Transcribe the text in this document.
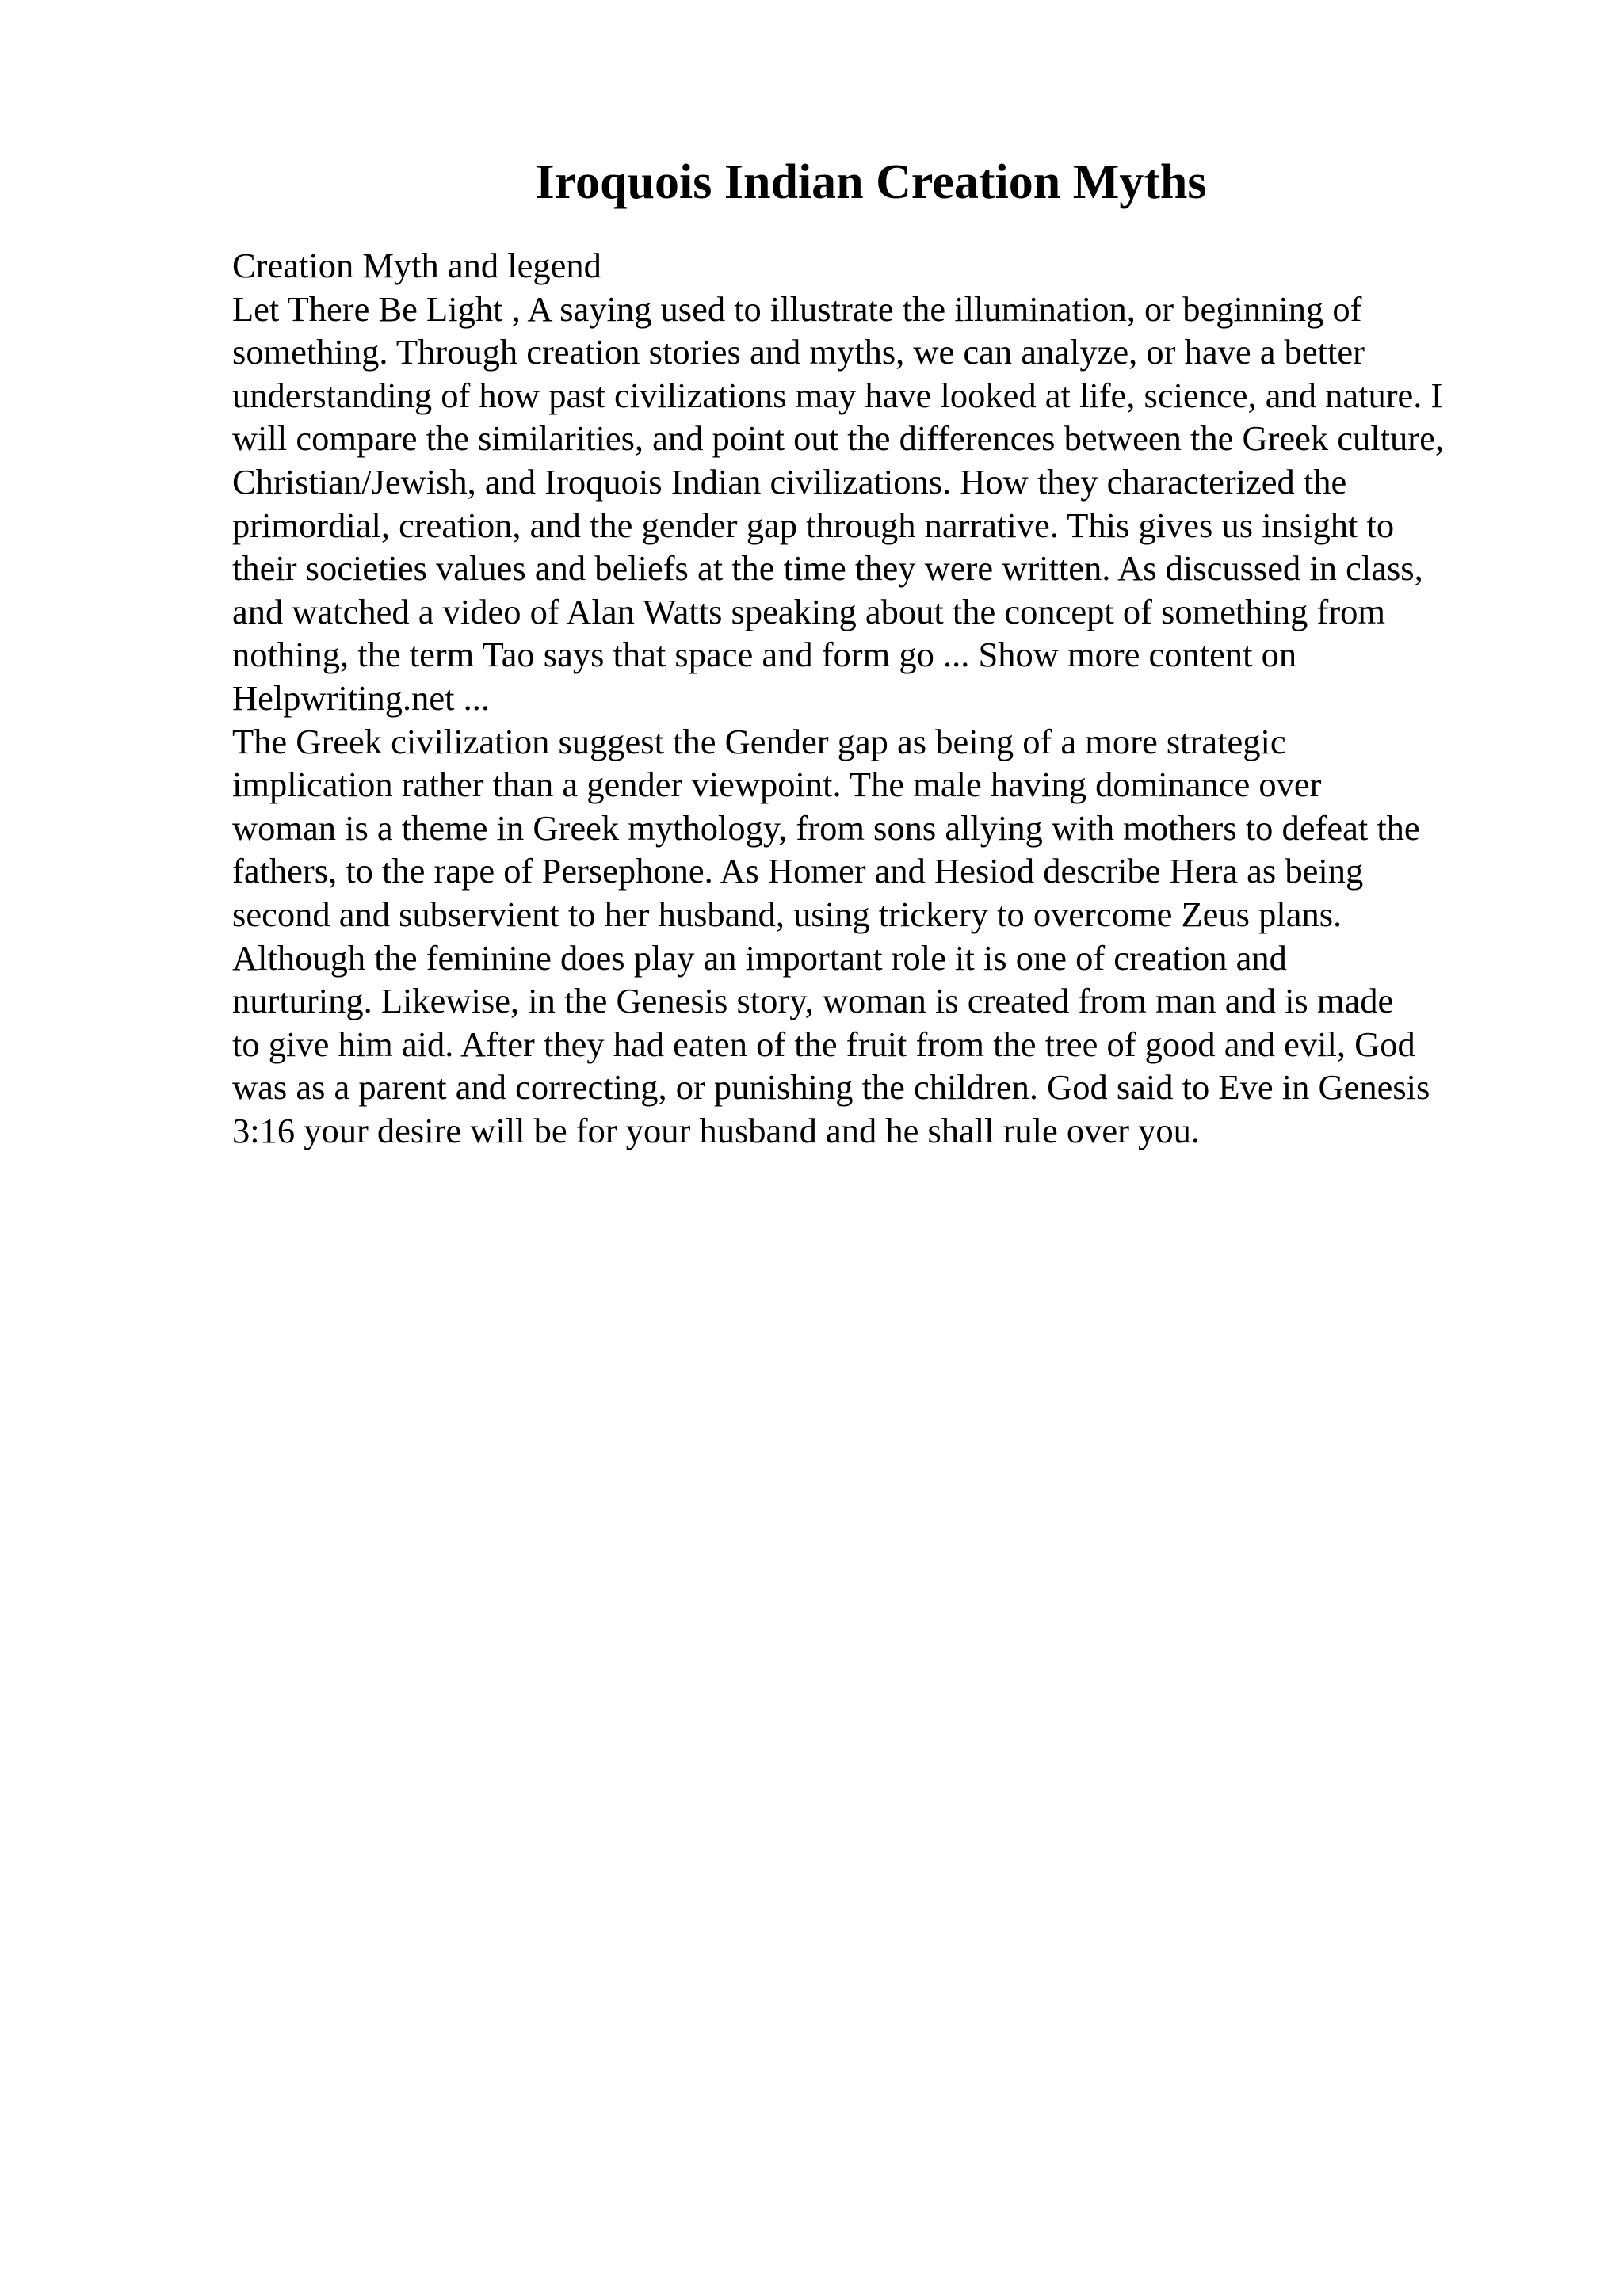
Iroquois Indian Creation Myths
Creation Myth and legend
Let There Be Light , A saying used to illustrate the illumination, or beginning of
something. Through creation stories and myths, we can analyze, or have a better
understanding of how past civilizations may have looked at life, science, and nature. I
will compare the similarities, and point out the differences between the Greek culture,
Christian/Jewish, and Iroquois Indian civilizations. How they characterized the
primordial, creation, and the gender gap through narrative. This gives us insight to
their societies values and beliefs at the time they were written. As discussed in class,
and watched a video of Alan Watts speaking about the concept of something from
nothing, the term Tao says that space and form go ... Show more content on
Helpwriting.net ...
The Greek civilization suggest the Gender gap as being of a more strategic
implication rather than a gender viewpoint. The male having dominance over
woman is a theme in Greek mythology, from sons allying with mothers to defeat the
fathers, to the rape of Persephone. As Homer and Hesiod describe Hera as being
second and subservient to her husband, using trickery to overcome Zeus plans.
Although the feminine does play an important role it is one of creation and
nurturing. Likewise, in the Genesis story, woman is created from man and is made
to give him aid. After they had eaten of the fruit from the tree of good and evil, God
was as a parent and correcting, or punishing the children. God said to Eve in Genesis
3:16 your desire will be for your husband and he shall rule over you.
